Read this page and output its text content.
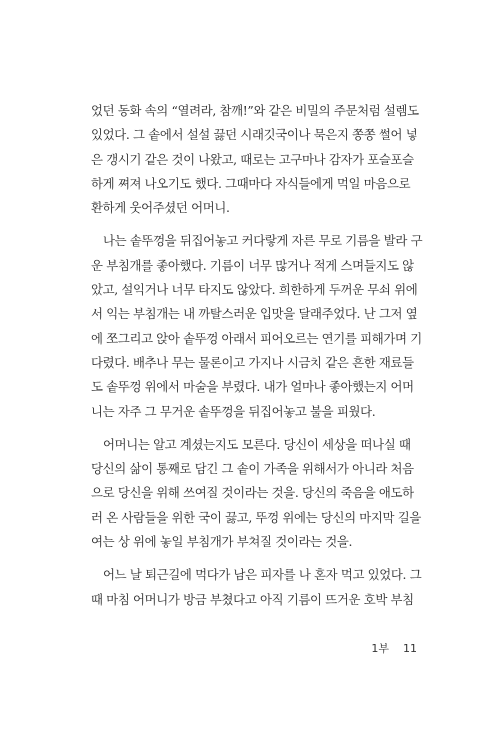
었던 동화 속의 “열려라, 참깨!”와 같은 비밀의 주문처럼 설렘도
있었다. 그 솥에서 설설 끓던 시래깃국이나 묵은지 쫑쫑 썰어 넣
은 갱시기 같은 것이 나왔고, 때로는 고구마나 감자가 포슬포슬
하게 쪄져 나오기도 했다. 그때마다 자식들에게 먹일 마음으로
환하게 웃어주셨던 어머니.
나는 솥뚜껑을 뒤집어놓고 커다랗게 자른 무로 기름을 발라 구
운 부침개를 좋아했다. 기름이 너무 많거나 적게 스며들지도 않
았고, 설익거나 너무 타지도 않았다. 희한하게 두꺼운 무쇠 위에
서 익는 부침개는 내 까탈스러운 입맛을 달래주었다. 난 그저 옆
에 쪼그리고 앉아 솥뚜껑 아래서 피어오르는 연기를 피해가며 기
다렸다. 배추나 무는 물론이고 가지나 시금치 같은 흔한 재료들
도 솥뚜껑 위에서 마술을 부렸다. 내가 얼마나 좋아했는지 어머
니는 자주 그 무거운 솥뚜껑을 뒤집어놓고 불을 피웠다.
어머니는 알고 계셨는지도 모른다. 당신이 세상을 떠나실 때
당신의 삶이 통째로 담긴 그 솥이 가족을 위해서가 아니라 처음
으로 당신을 위해 쓰여질 것이라는 것을. 당신의 죽음을 애도하
러 온 사람들을 위한 국이 끓고, 뚜껑 위에는 당신의 마지막 길을
여는 상 위에 놓일 부침개가 부쳐질 것이라는 것을.
어느 날 퇴근길에 먹다가 남은 피자를 나 혼자 먹고 있었다. 그
때 마침 어머니가 방금 부쳤다고 아직 기름이 뜨거운 호박 부침
1부 11
